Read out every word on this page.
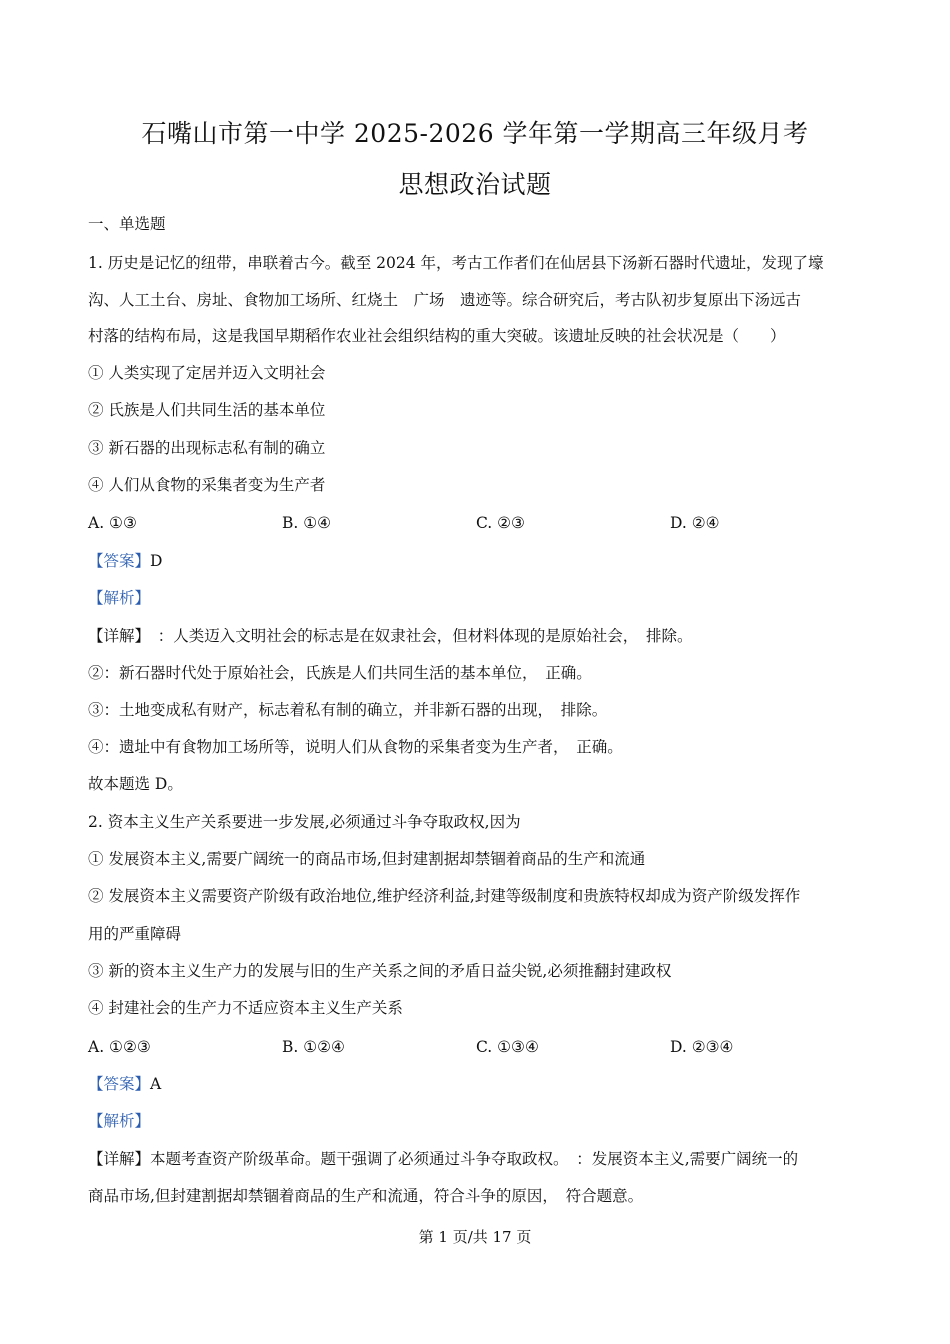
石嘴山市第一中学 2025-2026 学年第一学期高三年级月考
思想政治试题
一、单选题
1. 历史是记忆的纽带，串联着古今。截至 2024 年，考古工作者们在仙居县下汤新石器时代遗址，发现了壕
沟、人工土台、房址、食物加工场所、红烧土　广场　遗迹等。综合研究后，考古队初步复原出下汤远古
村落的结构布局，这是我国早期稻作农业社会组织结构的重大突破。该遗址反映的社会状况是（　　）
① 人类实现了定居并迈入文明社会
② 氏族是人们共同生活的基本单位
③ 新石器的出现标志私有制的确立
④ 人们从食物的采集者变为生产者
A. ①③	B. ①④	C. ②③	D. ②④
【答案】D
【解析】
【详解】　：人类迈入文明社会的标志是在奴隶社会，但材料体现的是原始社会，　排除。
②：新石器时代处于原始社会，氏族是人们共同生活的基本单位，　正确。
③：土地变成私有财产，标志着私有制的确立，并非新石器的出现，　排除。
④：遗址中有食物加工场所等，说明人们从食物的采集者变为生产者，　正确。
故本题选 D。
2. 资本主义生产关系要进一步发展,必须通过斗争夺取政权,因为
① 发展资本主义,需要广阔统一的商品市场,但封建割据却禁锢着商品的生产和流通
② 发展资本主义需要资产阶级有政治地位,维护经济利益,封建等级制度和贵族特权却成为资产阶级发挥作
用的严重障碍
③ 新的资本主义生产力的发展与旧的生产关系之间的矛盾日益尖锐,必须推翻封建政权
④ 封建社会的生产力不适应资本主义生产关系
A. ①②③	B. ①②④	C. ①③④	D. ②③④
【答案】A
【解析】
【详解】本题考查资产阶级革命。题干强调了必须通过斗争夺取政权。　：发展资本主义,需要广阔统一的
商品市场,但封建割据却禁锢着商品的生产和流通，符合斗争的原因，　符合题意。
第 1 页/共 17 页
